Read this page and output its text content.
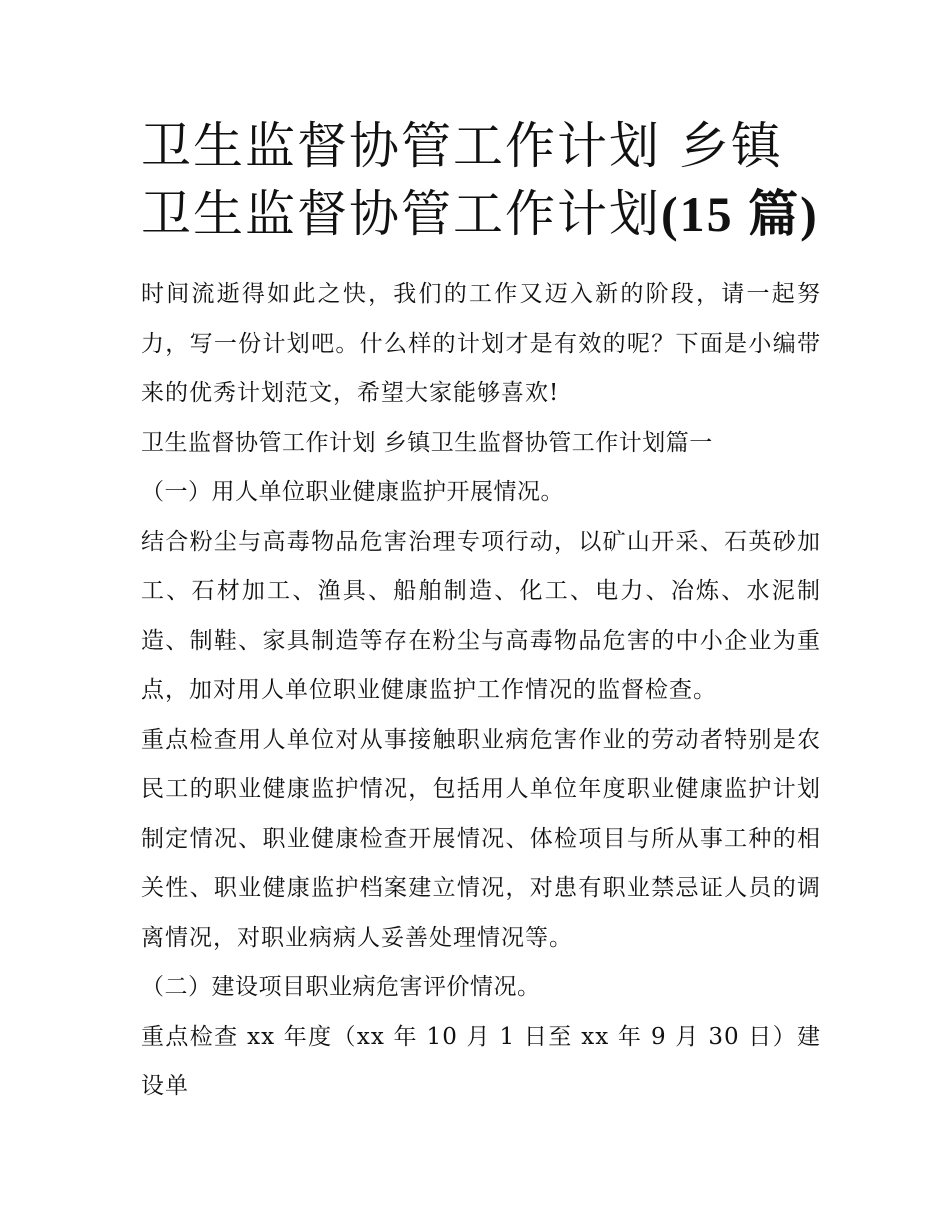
卫生监督协管工作计划 乡镇卫生监督协管工作计划(15 篇)

时间流逝得如此之快，我们的工作又迈入新的阶段，请一起努力，写一份计划吧。什么样的计划才是有效的呢？下面是小编带来的优秀计划范文，希望大家能够喜欢!

卫生监督协管工作计划 乡镇卫生监督协管工作计划篇一

（一）用人单位职业健康监护开展情况。

结合粉尘与高毒物品危害治理专项行动，以矿山开采、石英砂加工、石材加工、渔具、船舶制造、化工、电力、冶炼、水泥制造、制鞋、家具制造等存在粉尘与高毒物品危害的中小企业为重点，加对用人单位职业健康监护工作情况的监督检查。

重点检查用人单位对从事接触职业病危害作业的劳动者特别是农民工的职业健康监护情况，包括用人单位年度职业健康监护计划制定情况、职业健康检查开展情况、体检项目与所从事工种的相关性、职业健康监护档案建立情况，对患有职业禁忌证人员的调离情况，对职业病病人妥善处理情况等。

（二）建设项目职业病危害评价情况。

重点检查 xx 年度（xx 年 10 月 1 日至 xx 年 9 月 30 日）建设单
